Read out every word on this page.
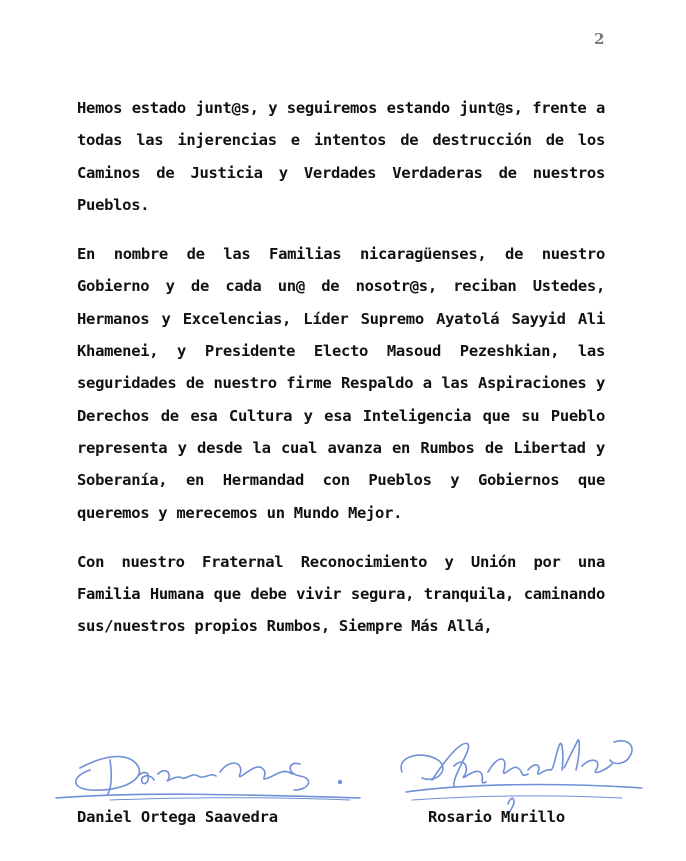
2

Hemos estado junt@s, y seguiremos estando junt@s, frente a todas las injerencias e intentos de destrucción de los Caminos de Justicia y Verdades Verdaderas de nuestros Pueblos.

En nombre de las Familias nicaragüenses, de nuestro Gobierno y de cada un@ de nosotr@s, reciban Ustedes, Hermanos y Excelencias, Líder Supremo Ayatolá Sayyid Ali Khamenei, y Presidente Electo Masoud Pezeshkian, las seguridades de nuestro firme Respaldo a las Aspiraciones y Derechos de esa Cultura y esa Inteligencia que su Pueblo representa y desde la cual avanza en Rumbos de Libertad y Soberanía, en Hermandad con Pueblos y Gobiernos que queremos y merecemos un Mundo Mejor.

Con nuestro Fraternal Reconocimiento y Unión por una Familia Humana que debe vivir segura, tranquila, caminando sus/nuestros propios Rumbos, Siempre Más Allá,

Daniel Ortega Saavedra	Rosario Murillo
